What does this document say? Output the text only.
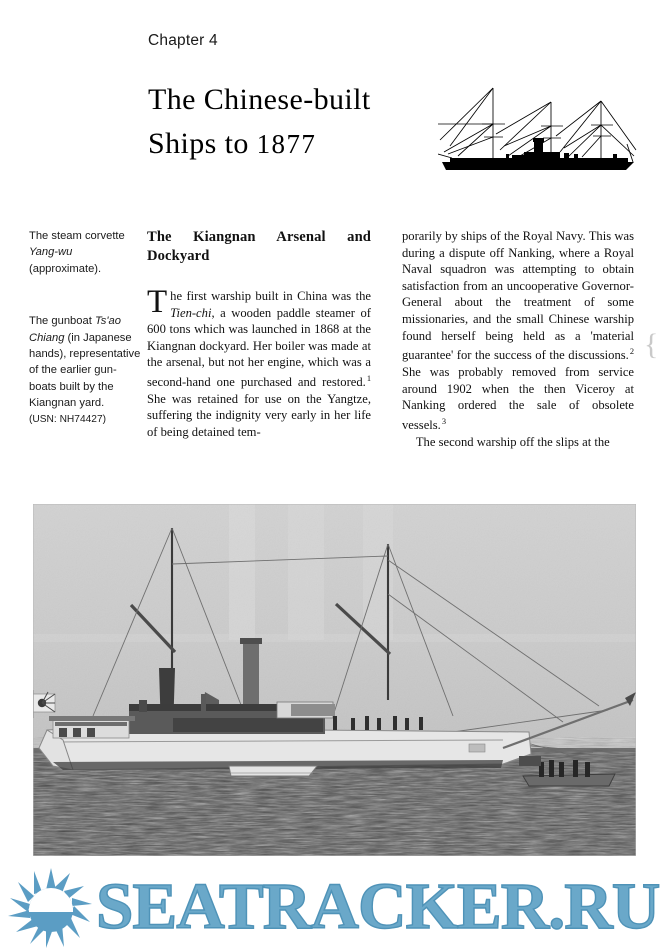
Chapter 4
The Chinese-built
Ships to 1877

The steam corvette

Yang-wu

(approximate).

The gunboat Ts'ao Chiang (in Japanese hands), representative of the earlier gun-boats built by the Kiangnan yard.

(USN: NH74427)

The Kiangnan Arsenal and Dockyard

The first warship built in China was the Tien-chi, a wooden paddle steamer of 600 tons which was launched in 1868 at the Kiangnan dockyard. Her boiler was made at the arsenal, but not her engine, which was a second-hand one purchased and restored.$^1$ She was retained for use on the Yangtze, suffering the indignity very early in her life of being detained tem-

porarily by ships of the Royal Navy. This was during a dispute off Nanking, where a Royal Naval squadron was attempting to obtain satisfaction from an uncooperative Governor-General about the treatment of some missionaries, and the small Chinese warship found herself being held as a 'material guarantee' for the success of the discussions.$^2$ She was probably removed from service around 1902 when the then Viceroy at Nanking ordered the sale of obsolete vessels.$^3$

The second warship off the slips at the

{
SEATRACKER.RU
